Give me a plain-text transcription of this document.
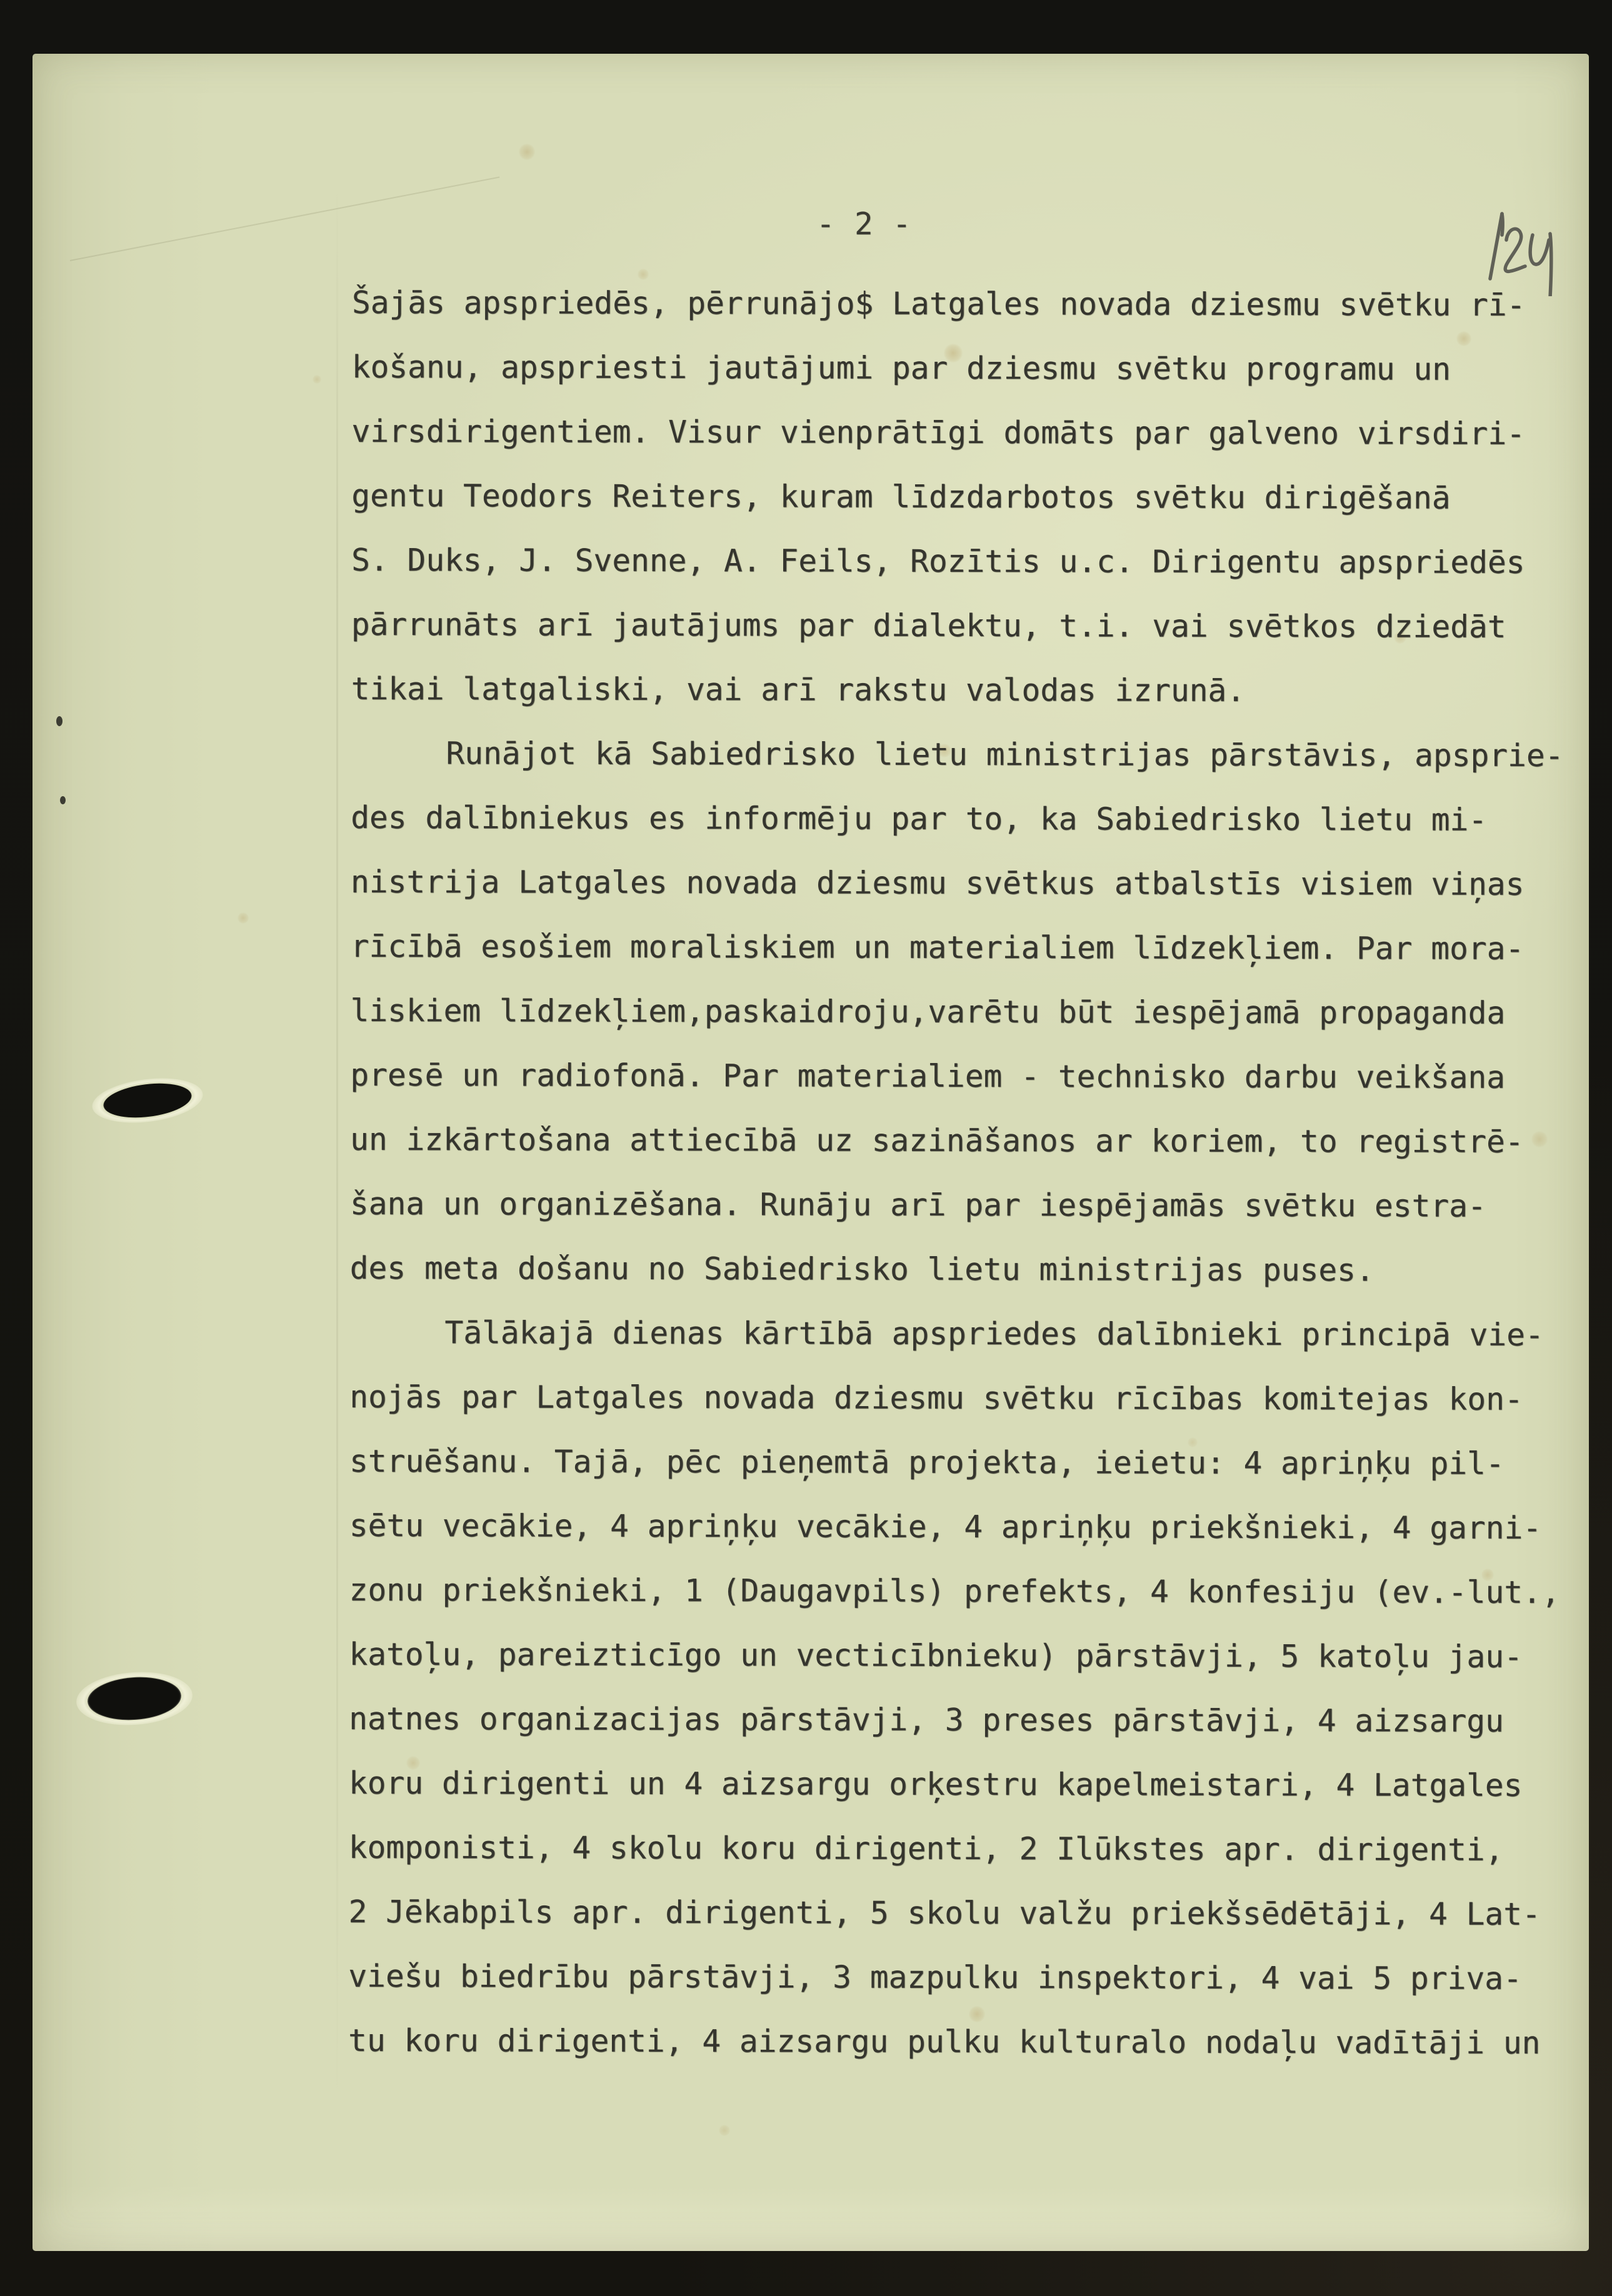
- 2 -
Šajās apspriedēs, pērrunājo$ Latgales novada dziesmu svētku rī-
košanu, apspriesti jautājumi par dziesmu svētku programu un
virsdirigentiem. Visur vienprātīgi domāts par galveno virsdiri-
gentu Teodors Reiters, kuram līdzdarbotos svētku dirigēšanā
S. Duks, J. Svenne, A. Feils, Rozītis u.c. Dirigentu apspriedēs
pārrunāts arī jautājums par dialektu, t.i. vai svētkos dziedāt
tikai latgaliski, vai arī rakstu valodas izrunā.
Runājot kā Sabiedrisko lietu ministrijas pārstāvis, apsprie-
des dalībniekus es informēju par to, ka Sabiedrisko lietu mi-
nistrija Latgales novada dziesmu svētkus atbalstīs visiem viņas
rīcībā esošiem moraliskiem un materialiem līdzekļiem. Par mora-
liskiem līdzekļiem,paskaidroju,varētu būt iespējamā propaganda
presē un radiofonā. Par materialiem - technisko darbu veikšana
un izkārtošana attiecībā uz sazināšanos ar koriem, to registrē-
šana un organizēšana. Runāju arī par iespējamās svētku estra-
des meta došanu no Sabiedrisko lietu ministrijas puses.
Tālākajā dienas kārtībā apspriedes dalībnieki principā vie-
nojās par Latgales novada dziesmu svētku rīcības komitejas kon-
struēšanu. Tajā, pēc pieņemtā projekta, ieietu: 4 apriņķu pil-
sētu vecākie, 4 apriņķu vecākie, 4 apriņķu priekšnieki, 4 garni-
zonu priekšnieki, 1 (Daugavpils) prefekts, 4 konfesiju (ev.-lut.,
katoļu, pareizticīgo un vecticībnieku) pārstāvji, 5 katoļu jau-
natnes organizacijas pārstāvji, 3 preses pārstāvji, 4 aizsargu
koru dirigenti un 4 aizsargu orķestru kapelmeistari, 4 Latgales
komponisti, 4 skolu koru dirigenti, 2 Ilūkstes apr. dirigenti,
2 Jēkabpils apr. dirigenti, 5 skolu valžu priekšsēdētāji, 4 Lat-
viešu biedrību pārstāvji, 3 mazpulku inspektori, 4 vai 5 priva-
tu koru dirigenti, 4 aizsargu pulku kulturalo nodaļu vadītāji un
